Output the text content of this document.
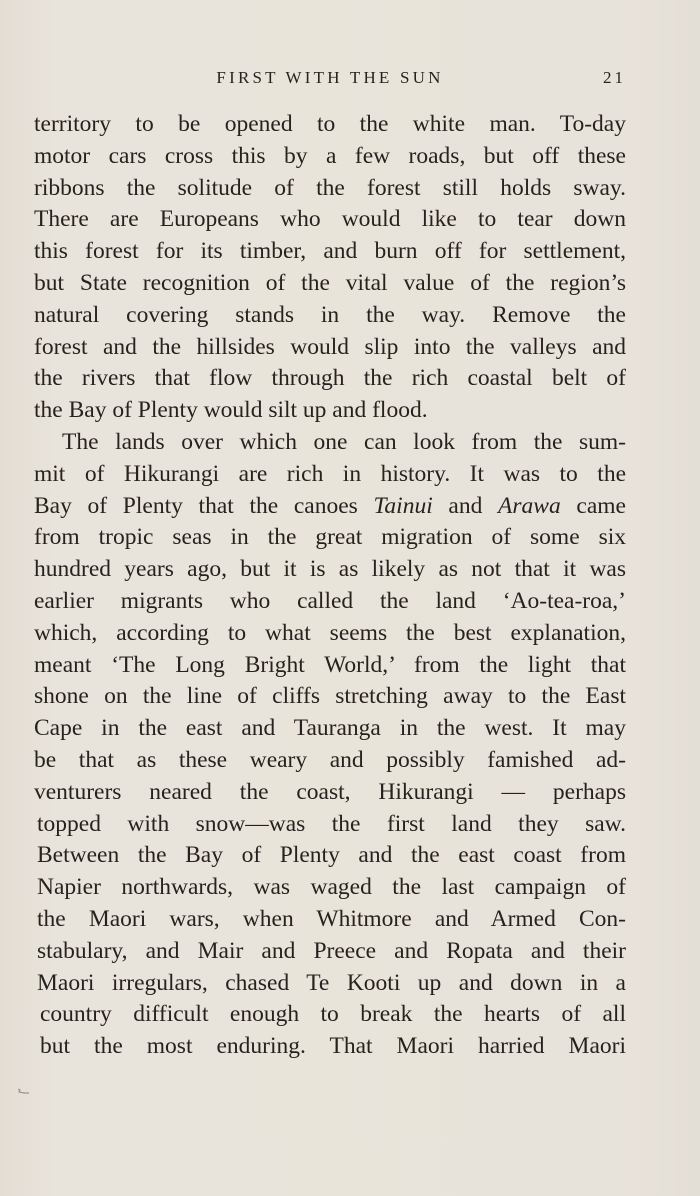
FIRST WITH THE SUN	21
territory to be opened to the white man. To-day
motor cars cross this by a few roads, but off these
ribbons the solitude of the forest still holds sway.
There are Europeans who would like to tear down
this forest for its timber, and burn off for settlement,
but State recognition of the vital value of the region’s
natural covering stands in the way. Remove the
forest and the hillsides would slip into the valleys and
the rivers that flow through the rich coastal belt of
the Bay of Plenty would silt up and flood.
The lands over which one can look from the sum-
mit of Hikurangi are rich in history. It was to the
Bay of Plenty that the canoes Tainui and Arawa came
from tropic seas in the great migration of some six
hundred years ago, but it is as likely as not that it was
earlier migrants who called the land ‘Ao-tea-roa,’
which, according to what seems the best explanation,
meant ‘The Long Bright World,’ from the light that
shone on the line of cliffs stretching away to the East
Cape in the east and Tauranga in the west. It may
be that as these weary and possibly famished ad-
venturers neared the coast, Hikurangi — perhaps
topped with snow—was the first land they saw.
Between the Bay of Plenty and the east coast from
Napier northwards, was waged the last campaign of
the Maori wars, when Whitmore and Armed Con-
stabulary, and Mair and Preece and Ropata and their
Maori irregulars, chased Te Kooti up and down in a
country difficult enough to break the hearts of all
but the most enduring. That Maori harried Maori
